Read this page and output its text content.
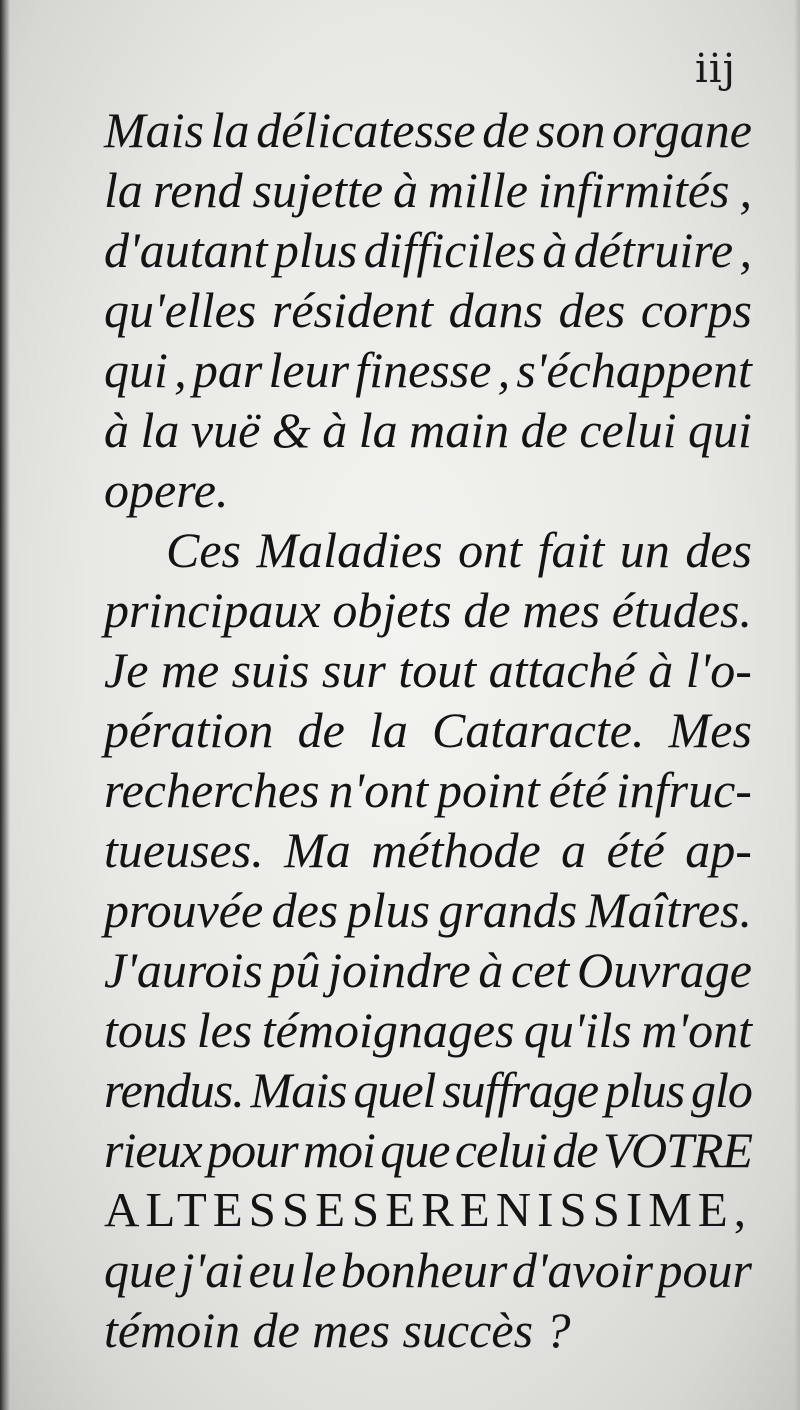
iij
Mais la délicatesse de son organe
la rend sujette à mille infirmités ,
d'autant plus difficiles à détruire ,
qu'elles résident dans des corps
qui , par leur finesse , s'échappent
à la vuë & à la main de celui qui
opere.
Ces Maladies ont fait un des
principaux objets de mes études.
Je me suis sur tout attaché à l'o-
pération de la Cataracte. Mes
recherches n'ont point été infruc-
tueuses. Ma méthode a été ap-
prouvée des plus grands Maîtres.
J'aurois pû joindre à cet Ouvrage
tous les témoignages qu'ils m'ont
rendus. Mais quel suffrage plus glo
rieux pour moi que celui de VOTRE
ALTESSE SERENISSIME,
que j'ai eu le bonheur d'avoir pour
témoin de mes succès ?
